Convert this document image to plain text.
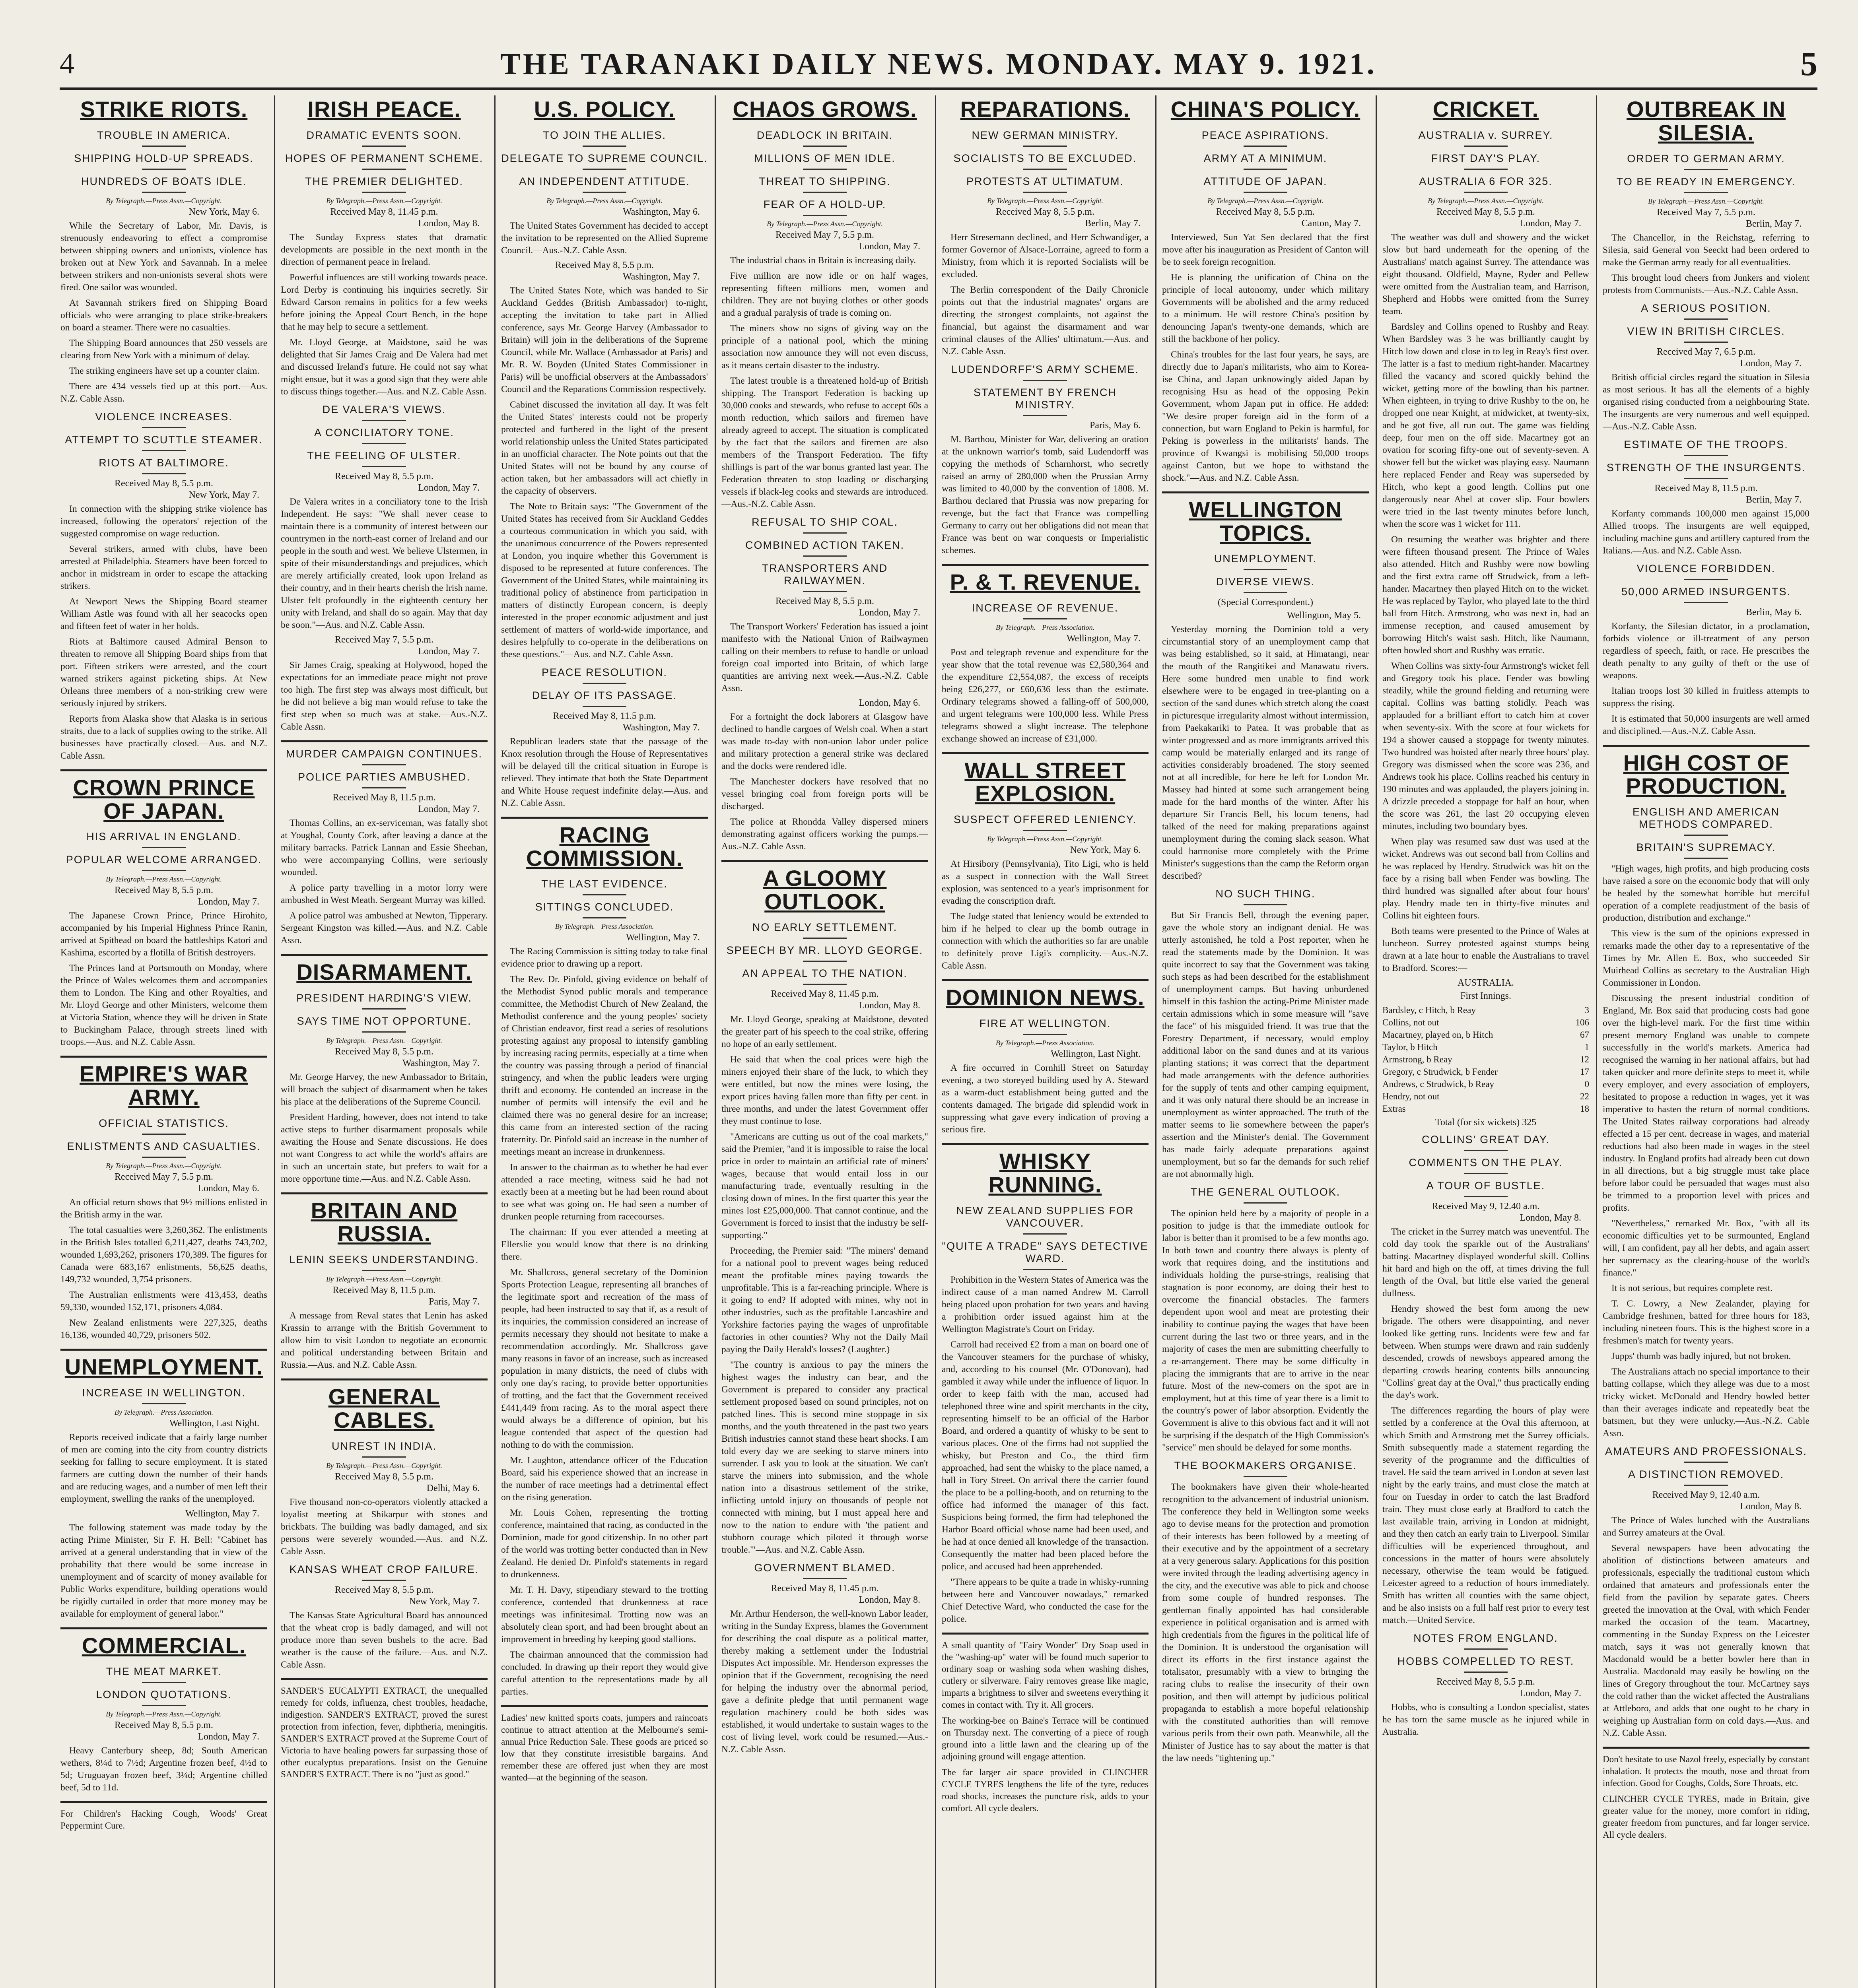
4	THE TARANAKI DAILY NEWS. MONDAY. MAY 9. 1921.	5
STRIKE RIOTS.
TROUBLE IN AMERICA.
SHIPPING HOLD-UP SPREADS.
HUNDREDS OF BOATS IDLE.
By Telegraph.—Press Assn.—Copyright.
New York, May 6.
While the Secretary of Labor, Mr. Davis, is strenuously endeavoring to effect a compromise between shipping owners and unionists, violence has broken out at New York and Savannah. In a melee between strikers and non-unionists several shots were fired. One sailor was wounded.
At Savannah strikers fired on Shipping Board officials who were arranging to place strike-breakers on board a steamer. There were no casualties.
The Shipping Board announces that 250 vessels are clearing from New York with a minimum of delay.
The striking engineers have set up a counter claim.
There are 434 vessels tied up at this port.—Aus. N.Z. Cable Assn.
VIOLENCE INCREASES.
ATTEMPT TO SCUTTLE STEAMER.
RIOTS AT BALTIMORE.
Received May 8, 5.5 p.m.
New York, May 7.
In connection with the shipping strike violence has increased, following the operators' rejection of the suggested compromise on wage reduction.
Several strikers, armed with clubs, have been arrested at Philadelphia. Steamers have been forced to anchor in midstream in order to escape the attacking strikers.
At Newport News the Shipping Board steamer William Astle was found with all her seacocks open and fifteen feet of water in her holds.
Riots at Baltimore caused Admiral Benson to threaten to remove all Shipping Board ships from that port. Fifteen strikers were arrested, and the court warned strikers against picketing ships. At New Orleans three members of a non-striking crew were seriously injured by strikers.
Reports from Alaska show that Alaska is in serious straits, due to a lack of supplies owing to the strike. All businesses have practically closed.—Aus. and N.Z. Cable Assn.
CROWN PRINCE OF JAPAN.
HIS ARRIVAL IN ENGLAND.
POPULAR WELCOME ARRANGED.
By Telegraph.—Press Assn.—Copyright.
Received May 8, 5.5 p.m.
London, May 7.
The Japanese Crown Prince, Prince Hirohito, accompanied by his Imperial Highness Prince Ranin, arrived at Spithead on board the battleships Katori and Kashima, escorted by a flotilla of British destroyers.
The Princes land at Portsmouth on Monday, where the Prince of Wales welcomes them and accompanies them to London. The King and other Royalties, and Mr. Lloyd George and other Ministers, welcome them at Victoria Station, whence they will be driven in State to Buckingham Palace, through streets lined with troops.—Aus. and N.Z. Cable Assn.
EMPIRE'S WAR ARMY.
OFFICIAL STATISTICS.
ENLISTMENTS AND CASUALTIES.
By Telegraph.—Press Assn.—Copyright.
Received May 7, 5.5 p.m.
London, May 6.
An official return shows that 9½ millions enlisted in the British army in the war.
The total casualties were 3,260,362. The enlistments in the British Isles totalled 6,211,427, deaths 743,702, wounded 1,693,262, prisoners 170,389. The figures for Canada were 683,167 enlistments, 56,625 deaths, 149,732 wounded, 3,754 prisoners.
The Australian enlistments were 413,453, deaths 59,330, wounded 152,171, prisoners 4,084.
New Zealand enlistments were 227,325, deaths 16,136, wounded 40,729, prisoners 502.
UNEMPLOYMENT.
INCREASE IN WELLINGTON.
By Telegraph.—Press Association.
Wellington, Last Night.
Reports received indicate that a fairly large number of men are coming into the city from country districts seeking for falling to secure employment. It is stated farmers are cutting down the number of their hands and are reducing wages, and a number of men left their employment, swelling the ranks of the unemployed.
Wellington, May 7.
The following statement was made today by the acting Prime Minister, Sir F. H. Bell: "Cabinet has arrived at a general understanding that in view of the probability that there would be some increase in unemployment and of scarcity of money available for Public Works expenditure, building operations would be rigidly curtailed in order that more money may be available for employment of general labor."
COMMERCIAL.
THE MEAT MARKET.
LONDON QUOTATIONS.
By Telegraph.—Press Assn.—Copyright.
Received May 8, 5.5 p.m.
London, May 7.
Heavy Canterbury sheep, 8d; South American wethers, 8¼d to 7½d; Argentine frozen beef, 4½d to 5d; Uruguayan frozen beef, 3¼d; Argentine chilled beef, 5d to 11d.
For Children's Hacking Cough, Woods' Great Peppermint Cure.
IRISH PEACE.
DRAMATIC EVENTS SOON.
HOPES OF PERMANENT SCHEME.
THE PREMIER DELIGHTED.
By Telegraph.—Press Assn.—Copyright.
Received May 8, 11.45 p.m.
London, May 8.
The Sunday Express states that dramatic developments are possible in the next month in the direction of permanent peace in Ireland.
Powerful influences are still working towards peace. Lord Derby is continuing his inquiries secretly. Sir Edward Carson remains in politics for a few weeks before joining the Appeal Court Bench, in the hope that he may help to secure a settlement.
Mr. Lloyd George, at Maidstone, said he was delighted that Sir James Craig and De Valera had met and discussed Ireland's future. He could not say what might ensue, but it was a good sign that they were able to discuss things together.—Aus. and N.Z. Cable Assn.
DE VALERA'S VIEWS.
A CONCILIATORY TONE.
THE FEELING OF ULSTER.
Received May 8, 5.5 p.m.
London, May 7.
De Valera writes in a conciliatory tone to the Irish Independent. He says: "We shall never cease to maintain there is a community of interest between our countrymen in the north-east corner of Ireland and our people in the south and west. We believe Ulstermen, in spite of their misunderstandings and prejudices, which are merely artificially created, look upon Ireland as their country, and in their hearts cherish the Irish name. Ulster felt profoundly in the eighteenth century her unity with Ireland, and shall do so again. May that day be soon."—Aus. and N.Z. Cable Assn.
Received May 7, 5.5 p.m.
London, May 7.
Sir James Craig, speaking at Holywood, hoped the expectations for an immediate peace might not prove too high. The first step was always most difficult, but he did not believe a big man would refuse to take the first step when so much was at stake.—Aus.-N.Z. Cable Assn.
MURDER CAMPAIGN CONTINUES.
POLICE PARTIES AMBUSHED.
Received May 8, 11.5 p.m.
London, May 7.
Thomas Collins, an ex-serviceman, was fatally shot at Youghal, County Cork, after leaving a dance at the military barracks. Patrick Lannan and Essie Sheehan, who were accompanying Collins, were seriously wounded.
A police party travelling in a motor lorry were ambushed in West Meath. Sergeant Murray was killed.
A police patrol was ambushed at Newton, Tipperary. Sergeant Kingston was killed.—Aus. and N.Z. Cable Assn.
DISARMAMENT.
PRESIDENT HARDING'S VIEW.
SAYS TIME NOT OPPORTUNE.
By Telegraph.—Press Assn.—Copyright.
Received May 8, 5.5 p.m.
Washington, May 7.
Mr. George Harvey, the new Ambassador to Britain, will broach the subject of disarmament when he takes his place at the deliberations of the Supreme Council.
President Harding, however, does not intend to take active steps to further disarmament proposals while awaiting the House and Senate discussions. He does not want Congress to act while the world's affairs are in such an uncertain state, but prefers to wait for a more opportune time.—Aus. and N.Z. Cable Assn.
BRITAIN AND RUSSIA.
LENIN SEEKS UNDERSTANDING.
By Telegraph.—Press Assn.—Copyright.
Received May 8, 11.5 p.m.
Paris, May 7.
A message from Reval states that Lenin has asked Krassin to arrange with the British Government to allow him to visit London to negotiate an economic and political understanding between Britain and Russia.—Aus. and N.Z. Cable Assn.
GENERAL CABLES.
UNREST IN INDIA.
By Telegraph.—Press Assn.—Copyright.
Received May 8, 5.5 p.m.
Delhi, May 6.
Five thousand non-co-operators violently attacked a loyalist meeting at Shikarpur with stones and brickbats. The building was badly damaged, and six persons were severely wounded.—Aus. and N.Z. Cable Assn.
KANSAS WHEAT CROP FAILURE.
Received May 8, 5.5 p.m.
New York, May 7.
The Kansas State Agricultural Board has announced that the wheat crop is badly damaged, and will not produce more than seven bushels to the acre. Bad weather is the cause of the failure.—Aus. and N.Z. Cable Assn.
SANDER'S EUCALYPTI EXTRACT, the unequalled remedy for colds, influenza, chest troubles, headache, indigestion. SANDER'S EXTRACT, proved the surest protection from infection, fever, diphtheria, meningitis. SANDER'S EXTRACT proved at the Supreme Court of Victoria to have healing powers far surpassing those of other eucalyptus preparations. Insist on the Genuine SANDER'S EXTRACT. There is no "just as good."
U.S. POLICY.
TO JOIN THE ALLIES.
DELEGATE TO SUPREME COUNCIL.
AN INDEPENDENT ATTITUDE.
By Telegraph.—Press Assn.—Copyright.
Washington, May 6.
The United States Government has decided to accept the invitation to be represented on the Allied Supreme Council.—Aus.-N.Z. Cable Assn.
Received May 8, 5.5 p.m.
Washington, May 7.
The United States Note, which was handed to Sir Auckland Geddes (British Ambassador) to-night, accepting the invitation to take part in Allied conference, says Mr. George Harvey (Ambassador to Britain) will join in the deliberations of the Supreme Council, while Mr. Wallace (Ambassador at Paris) and Mr. R. W. Boyden (United States Commissioner in Paris) will be unofficial observers at the Ambassadors' Council and the Reparations Commission respectively.
Cabinet discussed the invitation all day. It was felt the United States' interests could not be properly protected and furthered in the light of the present world relationship unless the United States participated in an unofficial character. The Note points out that the United States will not be bound by any course of action taken, but her ambassadors will act chiefly in the capacity of observers.
The Note to Britain says: "The Government of the United States has received from Sir Auckland Geddes a courteous communication in which you said, with the unanimous concurrence of the Powers represented at London, you inquire whether this Government is disposed to be represented at future conferences. The Government of the United States, while maintaining its traditional policy of abstinence from participation in matters of distinctly European concern, is deeply interested in the proper economic adjustment and just settlement of matters of world-wide importance, and desires helpfully to co-operate in the deliberations on these questions."—Aus. and N.Z. Cable Assn.
PEACE RESOLUTION.
DELAY OF ITS PASSAGE.
Received May 8, 11.5 p.m.
Washington, May 7.
Republican leaders state that the passage of the Knox resolution through the House of Representatives will be delayed till the critical situation in Europe is relieved. They intimate that both the State Department and White House request indefinite delay.—Aus. and N.Z. Cable Assn.
RACING COMMISSION.
THE LAST EVIDENCE.
SITTINGS CONCLUDED.
By Telegraph.—Press Association.
Wellington, May 7.
The Racing Commission is sitting today to take final evidence prior to drawing up a report.
The Rev. Dr. Pinfold, giving evidence on behalf of the Methodist Synod public morals and temperance committee, the Methodist Church of New Zealand, the Methodist conference and the young peoples' society of Christian endeavor, first read a series of resolutions protesting against any proposal to intensify gambling by increasing racing permits, especially at a time when the country was passing through a period of financial stringency, and when the public leaders were urging thrift and economy. He contended an increase in the number of permits will intensify the evil and he claimed there was no general desire for an increase; this came from an interested section of the racing fraternity. Dr. Pinfold said an increase in the number of meetings meant an increase in drunkenness.
In answer to the chairman as to whether he had ever attended a race meeting, witness said he had not exactly been at a meeting but he had been round about to see what was going on. He had seen a number of drunken people returning from racecourses.
The chairman: If you ever attended a meeting at Ellerslie you would know that there is no drinking there.
Mr. Shallcross, general secretary of the Dominion Sports Protection League, representing all branches of the legitimate sport and recreation of the mass of people, had been instructed to say that if, as a result of its inquiries, the commission considered an increase of permits necessary they should not hesitate to make a recommendation accordingly. Mr. Shallcross gave many reasons in favor of an increase, such as increased population in many districts, the need of clubs with only one day's racing, to provide better opportunities of trotting, and the fact that the Government received £441,449 from racing. As to the moral aspect there would always be a difference of opinion, but his league contended that aspect of the question had nothing to do with the commission.
Mr. Laughton, attendance officer of the Education Board, said his experience showed that an increase in the number of race meetings had a detrimental effect on the rising generation.
Mr. Louis Cohen, representing the trotting conference, maintained that racing, as conducted in the Dominion, made for good citizenship. In no other part of the world was trotting better conducted than in New Zealand. He denied Dr. Pinfold's statements in regard to drunkenness.
Mr. T. H. Davy, stipendiary steward to the trotting conference, contended that drunkenness at race meetings was infinitesimal. Trotting now was an absolutely clean sport, and had been brought about an improvement in breeding by keeping good stallions.
The chairman announced that the commission had concluded. In drawing up their report they would give careful attention to the representations made by all parties.
Ladies' new knitted sports coats, jumpers and raincoats continue to attract attention at the Melbourne's semi-annual Price Reduction Sale. These goods are priced so low that they constitute irresistible bargains. And remember these are offered just when they are most wanted—at the beginning of the season.
CHAOS GROWS.
DEADLOCK IN BRITAIN.
MILLIONS OF MEN IDLE.
THREAT TO SHIPPING.
FEAR OF A HOLD-UP.
By Telegraph.—Press Assn.—Copyright.
Received May 7, 5.5 p.m.
London, May 7.
The industrial chaos in Britain is increasing daily.
Five million are now idle or on half wages, representing fifteen millions men, women and children. They are not buying clothes or other goods and a gradual paralysis of trade is coming on.
The miners show no signs of giving way on the principle of a national pool, which the mining association now announce they will not even discuss, as it means certain disaster to the industry.
The latest trouble is a threatened hold-up of British shipping. The Transport Federation is backing up 30,000 cooks and stewards, who refuse to accept 60s a month reduction, which sailors and firemen have already agreed to accept. The situation is complicated by the fact that the sailors and firemen are also members of the Transport Federation. The fifty shillings is part of the war bonus granted last year. The Federation threaten to stop loading or discharging vessels if black-leg cooks and stewards are introduced.—Aus.-N.Z. Cable Assn.
REFUSAL TO SHIP COAL.
COMBINED ACTION TAKEN.
TRANSPORTERS AND RAILWAYMEN.
Received May 8, 5.5 p.m.
London, May 7.
The Transport Workers' Federation has issued a joint manifesto with the National Union of Railwaymen calling on their members to refuse to handle or unload foreign coal imported into Britain, of which large quantities are arriving next week.—Aus.-N.Z. Cable Assn.
London, May 6.
For a fortnight the dock laborers at Glasgow have declined to handle cargoes of Welsh coal. When a start was made to-day with non-union labor under police and military protection a general strike was declared and the docks were rendered idle.
The Manchester dockers have resolved that no vessel bringing coal from foreign ports will be discharged.
The police at Rhondda Valley dispersed miners demonstrating against officers working the pumps.—Aus.-N.Z. Cable Assn.
A GLOOMY OUTLOOK.
NO EARLY SETTLEMENT.
SPEECH BY MR. LLOYD GEORGE.
AN APPEAL TO THE NATION.
Received May 8, 11.45 p.m.
London, May 8.
Mr. Lloyd George, speaking at Maidstone, devoted the greater part of his speech to the coal strike, offering no hope of an early settlement.
He said that when the coal prices were high the miners enjoyed their share of the luck, to which they were entitled, but now the mines were losing, the export prices having fallen more than fifty per cent. in three months, and under the latest Government offer they must continue to lose.
"Americans are cutting us out of the coal markets," said the Premier, "and it is impossible to raise the local price in order to maintain an artificial rate of miners' wages, because that would entail loss in our manufacturing trade, eventually resulting in the closing down of mines. In the first quarter this year the mines lost £25,000,000. That cannot continue, and the Government is forced to insist that the industry be self-supporting."
Proceeding, the Premier said: "The miners' demand for a national pool to prevent wages being reduced meant the profitable mines paying towards the unprofitable. This is a far-reaching principle. Where is it going to end? If adopted with mines, why not in other industries, such as the profitable Lancashire and Yorkshire factories paying the wages of unprofitable factories in other counties? Why not the Daily Mail paying the Daily Herald's losses? (Laughter.)
"The country is anxious to pay the miners the highest wages the industry can bear, and the Government is prepared to consider any practical settlement proposed based on sound principles, not on patched lines. This is second mine stoppage in six months, and the youth threatened in the past two years British industries cannot stand these heart shocks. I am told every day we are seeking to starve miners into surrender. I ask you to look at the situation. We can't starve the miners into submission, and the whole nation into a disastrous settlement of the strike, inflicting untold injury on thousands of people not connected with mining, but I must appeal here and now to the nation to endure with 'the patient and stubborn courage which piloted it through worse trouble.'"—Aus. and N.Z. Cable Assn.
GOVERNMENT BLAMED.
Received May 8, 11.45 p.m.
London, May 8.
Mr. Arthur Henderson, the well-known Labor leader, writing in the Sunday Express, blames the Government for describing the coal dispute as a political matter, thereby making a settlement under the Industrial Disputes Act impossible. Mr. Henderson expresses the opinion that if the Government, recognising the need for helping the industry over the abnormal period, gave a definite pledge that until permanent wage regulation machinery could be both sides was established, it would undertake to sustain wages to the cost of living level, work could be resumed.—Aus.-N.Z. Cable Assn.
REPARATIONS.
NEW GERMAN MINISTRY.
SOCIALISTS TO BE EXCLUDED.
PROTESTS AT ULTIMATUM.
By Telegraph.—Press Assn.—Copyright.
Received May 8, 5.5 p.m.
Berlin, May 7.
Herr Stresemann declined, and Herr Schwandiger, a former Governor of Alsace-Lorraine, agreed to form a Ministry, from which it is reported Socialists will be excluded.
The Berlin correspondent of the Daily Chronicle points out that the industrial magnates' organs are directing the strongest complaints, not against the financial, but against the disarmament and war criminal clauses of the Allies' ultimatum.—Aus. and N.Z. Cable Assn.
LUDENDORFF'S ARMY SCHEME.
STATEMENT BY FRENCH MINISTRY.
Paris, May 6.
M. Barthou, Minister for War, delivering an oration at the unknown warrior's tomb, said Ludendorff was copying the methods of Scharnhorst, who secretly raised an army of 280,000 when the Prussian Army was limited to 40,000 by the convention of 1808. M. Barthou declared that Prussia was now preparing for revenge, but the fact that France was compelling Germany to carry out her obligations did not mean that France was bent on war conquests or Imperialistic schemes.
P. & T. REVENUE.
INCREASE OF REVENUE.
By Telegraph.—Press Association.
Wellington, May 7.
Post and telegraph revenue and expenditure for the year show that the total revenue was £2,580,364 and the expenditure £2,554,087, the excess of receipts being £26,277, or £60,636 less than the estimate. Ordinary telegrams showed a falling-off of 500,000, and urgent telegrams were 100,000 less. While Press telegrams showed a slight increase. The telephone exchange showed an increase of £31,000.
WALL STREET EXPLOSION.
SUSPECT OFFERED LENIENCY.
By Telegraph.—Press Assn.—Copyright.
New York, May 6.
At Hirsibory (Pennsylvania), Tito Ligi, who is held as a suspect in connection with the Wall Street explosion, was sentenced to a year's imprisonment for evading the conscription draft.
The Judge stated that leniency would be extended to him if he helped to clear up the bomb outrage in connection with which the authorities so far are unable to definitely prove Ligi's complicity.—Aus.-N.Z. Cable Assn.
DOMINION NEWS.
FIRE AT WELLINGTON.
By Telegraph.—Press Association.
Wellington, Last Night.
A fire occurred in Cornhill Street on Saturday evening, a two storeyed building used by A. Steward as a warm-duct establishment being gutted and the contents damaged. The brigade did splendid work in suppressing what gave every indication of proving a serious fire.
WHISKY RUNNING.
NEW ZEALAND SUPPLIES FOR VANCOUVER.
"QUITE A TRADE" SAYS DETECTIVE WARD.
Prohibition in the Western States of America was the indirect cause of a man named Andrew M. Carroll being placed upon probation for two years and having a prohibition order issued against him at the Wellington Magistrate's Court on Friday.
Carroll had received £2 from a man on board one of the Vancouver steamers for the purchase of whisky, and, according to his counsel (Mr. O'Donovan), had gambled it away while under the influence of liquor. In order to keep faith with the man, accused had telephoned three wine and spirit merchants in the city, representing himself to be an official of the Harbor Board, and ordered a quantity of whisky to be sent to various places. One of the firms had not supplied the whisky, but Preston and Co., the third firm approached, had sent the whisky to the place named, a hall in Tory Street. On arrival there the carrier found the place to be a polling-booth, and on returning to the office had informed the manager of this fact. Suspicions being formed, the firm had telephoned the Harbor Board official whose name had been used, and he had at once denied all knowledge of the transaction. Consequently the matter had been placed before the police, and accused had been apprehended.
"There appears to be quite a trade in whisky-running between here and Vancouver nowadays," remarked Chief Detective Ward, who conducted the case for the police.
A small quantity of "Fairy Wonder" Dry Soap used in the "washing-up" water will be found much superior to ordinary soap or washing soda when washing dishes, cutlery or silverware. Fairy removes grease like magic, imparts a brightness to silver and sweetens everything it comes in contact with. Try it. All grocers.
The working-bee on Baine's Terrace will be continued on Thursday next. The converting of a piece of rough ground into a little lawn and the clearing up of the adjoining ground will engage attention.
The far larger air space provided in CLINCHER CYCLE TYRES lengthens the life of the tyre, reduces road shocks, increases the puncture risk, adds to your comfort. All cycle dealers.
CHINA'S POLICY.
PEACE ASPIRATIONS.
ARMY AT A MINIMUM.
ATTITUDE OF JAPAN.
By Telegraph.—Press Assn.—Copyright.
Received May 8, 5.5 p.m.
Canton, May 7.
Interviewed, Sun Yat Sen declared that the first move after his inauguration as President of Canton will be to seek foreign recognition.
He is planning the unification of China on the principle of local autonomy, under which military Governments will be abolished and the army reduced to a minimum. He will restore China's position by denouncing Japan's twenty-one demands, which are still the backbone of her policy.
China's troubles for the last four years, he says, are directly due to Japan's militarists, who aim to Korea-ise China, and Japan unknowingly aided Japan by recognising Hsu as head of the opposing Pekin Government, whom Japan put in office. He added: "We desire proper foreign aid in the form of a connection, but warn England to Pekin is harmful, for Peking is powerless in the militarists' hands. The province of Kwangsi is mobilising 50,000 troops against Canton, but we hope to withstand the shock."—Aus. and N.Z. Cable Assn.
WELLINGTON TOPICS.
UNEMPLOYMENT.
DIVERSE VIEWS.
(Special Correspondent.)
Wellington, May 5.
Yesterday morning the Dominion told a very circumstantial story of an unemployment camp that was being established, so it said, at Himatangi, near the mouth of the Rangitikei and Manawatu rivers. Here some hundred men unable to find work elsewhere were to be engaged in tree-planting on a section of the sand dunes which stretch along the coast in picturesque irregularity almost without intermission, from Paekakariki to Patea. It was probable that as winter progressed and as more immigrants arrived this camp would be materially enlarged and its range of activities considerably broadened. The story seemed not at all incredible, for here he left for London Mr. Massey had hinted at some such arrangement being made for the hard months of the winter. After his departure Sir Francis Bell, his locum tenens, had talked of the need for making preparations against unemployment during the coming slack season. What could harmonise more completely with the Prime Minister's suggestions than the camp the Reform organ described?
NO SUCH THING.
But Sir Francis Bell, through the evening paper, gave the whole story an indignant denial. He was utterly astonished, he told a Post reporter, when he read the statements made by the Dominion. It was quite incorrect to say that the Government was taking such steps as had been described for the establishment of unemployment camps. But having unburdened himself in this fashion the acting-Prime Minister made certain admissions which in some measure will "save the face" of his misguided friend. It was true that the Forestry Department, if necessary, would employ additional labor on the sand dunes and at its various planting stations; it was correct that the department had made arrangements with the defence authorities for the supply of tents and other camping equipment, and it was only natural there should be an increase in unemployment as winter approached. The truth of the matter seems to lie somewhere between the paper's assertion and the Minister's denial. The Government has made fairly adequate preparations against unemployment, but so far the demands for such relief are not abnormally high.
THE GENERAL OUTLOOK.
The opinion held here by a majority of people in a position to judge is that the immediate outlook for labor is better than it promised to be a few months ago. In both town and country there always is plenty of work that requires doing, and the institutions and individuals holding the purse-strings, realising that stagnation is poor economy, are doing their best to overcome the financial obstacles. The farmers dependent upon wool and meat are protesting their inability to continue paying the wages that have been current during the last two or three years, and in the majority of cases the men are submitting cheerfully to a re-arrangement. There may be some difficulty in placing the immigrants that are to arrive in the near future. Most of the new-comers on the spot are in employment, but at this time of year there is a limit to the country's power of labor absorption. Evidently the Government is alive to this obvious fact and it will not be surprising if the despatch of the High Commission's "service" men should be delayed for some months.
THE BOOKMAKERS ORGANISE.
The bookmakers have given their whole-hearted recognition to the advancement of industrial unionism. The conference they held in Wellington some weeks ago to devise means for the protection and promotion of their interests has been followed by a meeting of their executive and by the appointment of a secretary at a very generous salary. Applications for this position were invited through the leading advertising agency in the city, and the executive was able to pick and choose from some couple of hundred responses. The gentleman finally appointed has had considerable experience in political organisation and is armed with high credentials from the figures in the political life of the Dominion. It is understood the organisation will direct its efforts in the first instance against the totalisator, presumably with a view to bringing the racing clubs to realise the insecurity of their own position, and then will attempt by judicious political propaganda to establish a more hopeful relationship with the constituted authorities than will remove various perils from their own path. Meanwhile, all the Minister of Justice has to say about the matter is that the law needs "tightening up."
CRICKET.
AUSTRALIA v. SURREY.
FIRST DAY'S PLAY.
AUSTRALIA 6 FOR 325.
By Telegraph.—Press Assn.—Copyright.
Received May 8, 5.5 p.m.
London, May 7.
The weather was dull and showery and the wicket slow but hard underneath for the opening of the Australians' match against Surrey. The attendance was eight thousand. Oldfield, Mayne, Ryder and Pellew were omitted from the Australian team, and Harrison, Shepherd and Hobbs were omitted from the Surrey team.
Bardsley and Collins opened to Rushby and Reay. When Bardsley was 3 he was brilliantly caught by Hitch low down and close in to leg in Reay's first over. The latter is a fast to medium right-hander. Macartney filled the vacancy and scored quickly behind the wicket, getting more of the bowling than his partner. When eighteen, in trying to drive Rushby to the on, he dropped one near Knight, at midwicket, at twenty-six, and he got five, all run out. The game was fielding deep, four men on the off side. Macartney got an ovation for scoring fifty-one out of seventy-seven. A shower fell but the wicket was playing easy. Naumann here replaced Fender and Reay was superseded by Hitch, who kept a good length. Collins put one dangerously near Abel at cover slip. Four bowlers were tried in the last twenty minutes before lunch, when the score was 1 wicket for 111.
On resuming the weather was brighter and there were fifteen thousand present. The Prince of Wales also attended. Hitch and Rushby were now bowling and the first extra came off Strudwick, from a left-hander. Macartney then played Hitch on to the wicket. He was replaced by Taylor, who played late to the third ball from Hitch. Armstrong, who was next in, had an immense reception, and caused amusement by borrowing Hitch's waist sash. Hitch, like Naumann, often bowled short and Rushby was erratic.
When Collins was sixty-four Armstrong's wicket fell and Gregory took his place. Fender was bowling steadily, while the ground fielding and returning were capital. Collins was batting stolidly. Peach was applauded for a brilliant effort to catch him at cover when seventy-six. With the score at four wickets for 194 a shower caused a stoppage for twenty minutes. Two hundred was hoisted after nearly three hours' play. Gregory was dismissed when the score was 236, and Andrews took his place. Collins reached his century in 190 minutes and was applauded, the players joining in. A drizzle preceded a stoppage for half an hour, when the score was 261, the last 20 occupying eleven minutes, including two boundary byes.
When play was resumed saw dust was used at the wicket. Andrews was out second ball from Collins and he was replaced by Hendry. Strudwick was hit on the face by a rising ball when Fender was bowling. The third hundred was signalled after about four hours' play. Hendry made ten in thirty-five minutes and Collins hit eighteen fours.
Both teams were presented to the Prince of Wales at luncheon. Surrey protested against stumps being drawn at a late hour to enable the Australians to travel to Bradford. Scores:—
AUSTRALIA.
First Innings.
Bardsley, c Hitch, b Reay	3
Collins, not out	106
Macartney, played on, b Hitch	67
Taylor, b Hitch	1
Armstrong, b Reay	12
Gregory, c Strudwick, b Fender	17
Andrews, c Strudwick, b Reay	0
Hendry, not out	22
Extras	18
Total (for six wickets) 325
COLLINS' GREAT DAY.
COMMENTS ON THE PLAY.
A TOUR OF BUSTLE.
Received May 9, 12.40 a.m.
London, May 8.
The cricket in the Surrey match was uneventful. The cold day took the sparkle out of the Australians' batting. Macartney displayed wonderful skill. Collins hit hard and high on the off, at times driving the full length of the Oval, but little else varied the general dullness.
Hendry showed the best form among the new brigade. The others were disappointing, and never looked like getting runs. Incidents were few and far between. When stumps were drawn and rain suddenly descended, crowds of newsboys appeared among the departing crowds bearing contents bills announcing "Collins' great day at the Oval," thus practically ending the day's work.
The differences regarding the hours of play were settled by a conference at the Oval this afternoon, at which Smith and Armstrong met the Surrey officials. Smith subsequently made a statement regarding the severity of the programme and the difficulties of travel. He said the team arrived in London at seven last night by the early trains, and must close the match at four on Tuesday in order to catch the last Bradford train. They must close early at Bradford to catch the last available train, arriving in London at midnight, and they then catch an early train to Liverpool. Similar difficulties will be experienced throughout, and concessions in the matter of hours were absolutely necessary, otherwise the team would be fatigued. Leicester agreed to a reduction of hours immediately. Smith has written all counties with the same object, and he also insists on a full half rest prior to every test match.—United Service.
NOTES FROM ENGLAND.
HOBBS COMPELLED TO REST.
Received May 8, 5.5 p.m.
London, May 7.
Hobbs, who is consulting a London specialist, states he has torn the same muscle as he injured while in Australia.
OUTBREAK IN SILESIA.
ORDER TO GERMAN ARMY.
TO BE READY IN EMERGENCY.
By Telegraph.—Press Assn.—Copyright.
Received May 7, 5.5 p.m.
Berlin, May 7.
The Chancellor, in the Reichstag, referring to Silesia, said General von Seeckt had been ordered to make the German army ready for all eventualities.
This brought loud cheers from Junkers and violent protests from Communists.—Aus.-N.Z. Cable Assn.
A SERIOUS POSITION.
VIEW IN BRITISH CIRCLES.
Received May 7, 6.5 p.m.
London, May 7.
British official circles regard the situation in Silesia as most serious. It has all the elements of a highly organised rising conducted from a neighbouring State. The insurgents are very numerous and well equipped.—Aus.-N.Z. Cable Assn.
ESTIMATE OF THE TROOPS.
STRENGTH OF THE INSURGENTS.
Received May 8, 11.5 p.m.
Berlin, May 7.
Korfanty commands 100,000 men against 15,000 Allied troops. The insurgents are well equipped, including machine guns and artillery captured from the Italians.—Aus. and N.Z. Cable Assn.
VIOLENCE FORBIDDEN.
50,000 ARMED INSURGENTS.
Berlin, May 6.
Korfanty, the Silesian dictator, in a proclamation, forbids violence or ill-treatment of any person regardless of speech, faith, or race. He prescribes the death penalty to any guilty of theft or the use of weapons.
Italian troops lost 30 killed in fruitless attempts to suppress the rising.
It is estimated that 50,000 insurgents are well armed and disciplined.—Aus.-N.Z. Cable Assn.
HIGH COST OF PRODUCTION.
ENGLISH AND AMERICAN METHODS COMPARED.
BRITAIN'S SUPREMACY.
"High wages, high profits, and high producing costs have raised a sore on the economic body that will only be healed by the somewhat horrible but merciful operation of a complete readjustment of the basis of production, distribution and exchange."
This view is the sum of the opinions expressed in remarks made the other day to a representative of the Times by Mr. Allen E. Box, who succeeded Sir Muirhead Collins as secretary to the Australian High Commissioner in London.
Discussing the present industrial condition of England, Mr. Box said that producing costs had gone over the high-level mark. For the first time within present memory England was unable to compete successfully in the world's markets. America had recognised the warning in her national affairs, but had taken quicker and more definite steps to meet it, while every employer, and every association of employers, hesitated to propose a reduction in wages, yet it was imperative to hasten the return of normal conditions. The United States railway corporations had already effected a 15 per cent. decrease in wages, and material reductions had also been made in wages in the steel industry. In England profits had already been cut down in all directions, but a big struggle must take place before labor could be persuaded that wages must also be trimmed to a proportion level with prices and profits.
"Nevertheless," remarked Mr. Box, "with all its economic difficulties yet to be surmounted, England will, I am confident, pay all her debts, and again assert her supremacy as the clearing-house of the world's finance."
It is not serious, but requires complete rest.
T. C. Lowry, a New Zealander, playing for Cambridge freshmen, batted for three hours for 183, including nineteen fours. This is the highest score in a freshmen's match for twenty years.
Jupps' thumb was badly injured, but not broken.
The Australians attach no special importance to their batting collapse, which they allege was due to a most tricky wicket. McDonald and Hendry bowled better than their averages indicate and repeatedly beat the batsmen, but they were unlucky.—Aus.-N.Z. Cable Assn.
AMATEURS AND PROFESSIONALS.
A DISTINCTION REMOVED.
Received May 9, 12.40 a.m.
London, May 8.
The Prince of Wales lunched with the Australians and Surrey amateurs at the Oval.
Several newspapers have been advocating the abolition of distinctions between amateurs and professionals, especially the traditional custom which ordained that amateurs and professionals enter the field from the pavilion by separate gates. Cheers greeted the innovation at the Oval, with which Fender marked the occasion of the team. Macartney, commenting in the Sunday Express on the Leicester match, says it was not generally known that Macdonald would be a better bowler here than in Australia. Macdonald may easily be bowling on the lines of Gregory throughout the tour. McCartney says the cold rather than the wicket affected the Australians at Attleboro, and adds that one ought to be chary in weighing up Australian form on cold days.—Aus. and N.Z. Cable Assn.
Don't hesitate to use Nazol freely, especially by constant inhalation. It protects the mouth, nose and throat from infection. Good for Coughs, Colds, Sore Throats, etc.
CLINCHER CYCLE TYRES, made in Britain, give greater value for the money, more comfort in riding, greater freedom from punctures, and far longer service. All cycle dealers.
